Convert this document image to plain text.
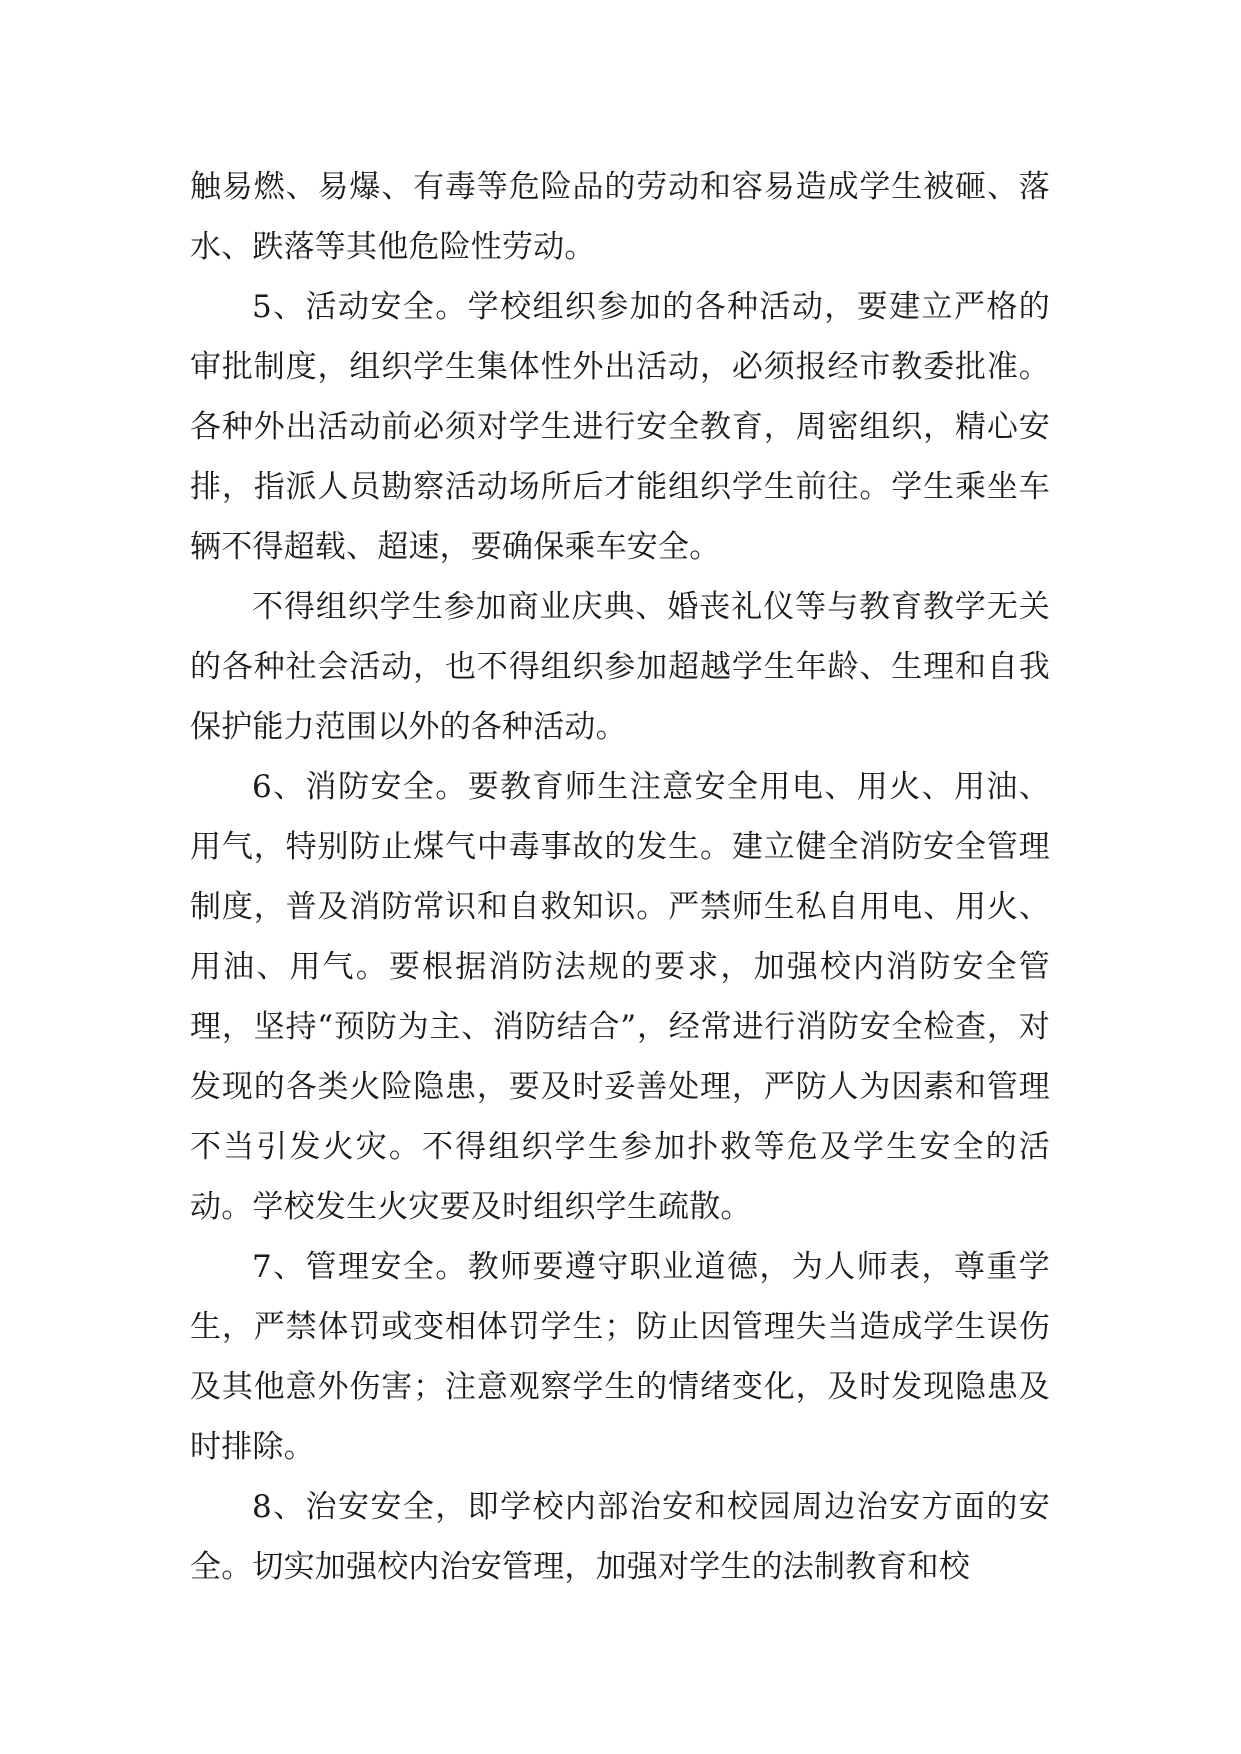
触易燃、易爆、有毒等危险品的劳动和容易造成学生被砸、落水、跌落等其他危险性劳动。

5、活动安全。学校组织参加的各种活动，要建立严格的审批制度，组织学生集体性外出活动，必须报经市教委批准。各种外出活动前必须对学生进行安全教育，周密组织，精心安排，指派人员勘察活动场所后才能组织学生前往。学生乘坐车辆不得超载、超速，要确保乘车安全。

不得组织学生参加商业庆典、婚丧礼仪等与教育教学无关的各种社会活动，也不得组织参加超越学生年龄、生理和自我保护能力范围以外的各种活动。

6、消防安全。要教育师生注意安全用电、用火、用油、用气，特别防止煤气中毒事故的发生。建立健全消防安全管理制度，普及消防常识和自救知识。严禁师生私自用电、用火、用油、用气。要根据消防法规的要求，加强校内消防安全管理，坚持“预防为主、消防结合”，经常进行消防安全检查，对发现的各类火险隐患，要及时妥善处理，严防人为因素和管理不当引发火灾。不得组织学生参加扑救等危及学生安全的活动。学校发生火灾要及时组织学生疏散。

7、管理安全。教师要遵守职业道德，为人师表，尊重学生，严禁体罚或变相体罚学生；防止因管理失当造成学生误伤及其他意外伤害；注意观察学生的情绪变化，及时发现隐患及时排除。

8、治安安全，即学校内部治安和校园周边治安方面的安全。切实加强校内治安管理，加强对学生的法制教育和校
